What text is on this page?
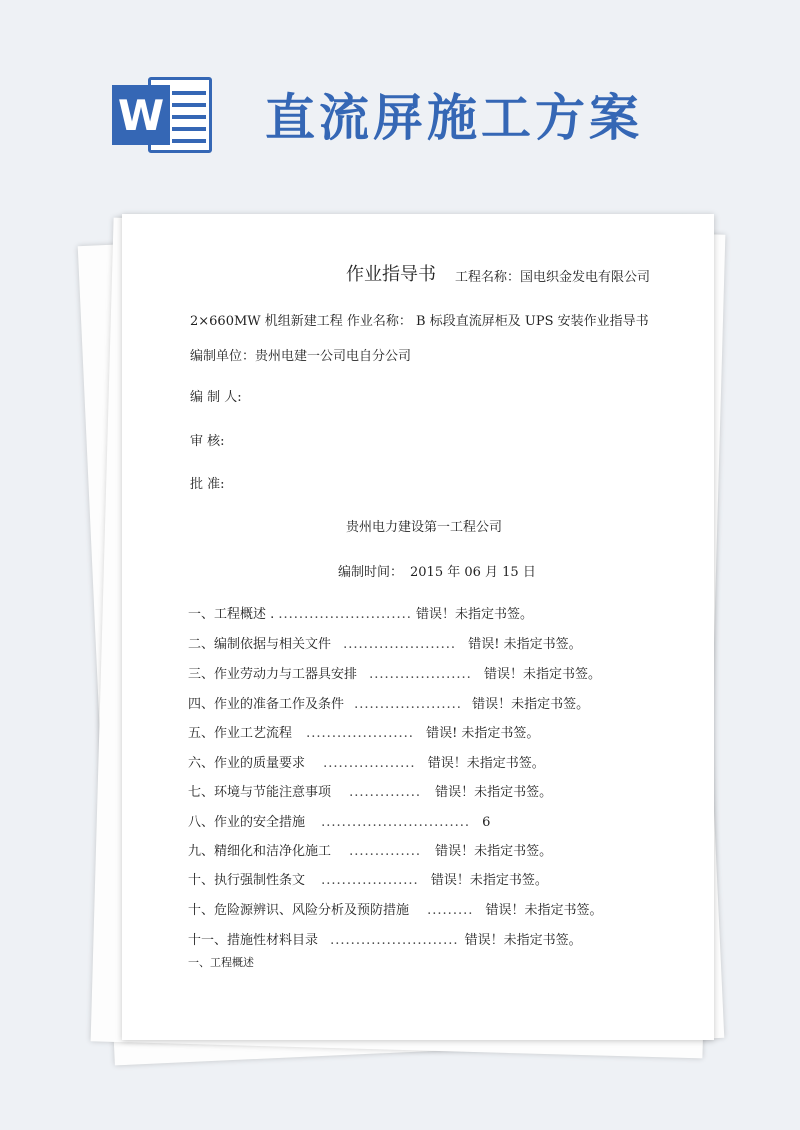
W 直流屏施工方案
作业指导书 工程名称：国电织金发电有限公司
2×660MW 机组新建工程 作业名称： B 标段直流屏柜及 UPS 安装作业指导书
编制单位：贵州电建一公司电自分公司
编 制 人:
审 核:
批 准:
贵州电力建设第一工程公司
编制时间： 2015 年 06 月 15 日
一、工程概述 . .......................... 错误！未指定书签。
二、编制依据与相关文件 ...................... 错误! 未指定书签。
三、作业劳动力与工器具安排 .................... 错误！未指定书签。
四、作业的准备工作及条件 ..................... 错误！未指定书签。
五、作业工艺流程 ..................... 错误! 未指定书签。
六、作业的质量要求 .................. 错误！未指定书签。
七、环境与节能注意事项 .............. 错误！未指定书签。
八、作业的安全措施 ............................. 6
九、精细化和洁净化施工 .............. 错误！未指定书签。
十、执行强制性条文 ................... 错误！未指定书签。
十、危险源辨识、风险分析及预防措施 ......... 错误！未指定书签。
十一、措施性材料目录 ......................... 错误！未指定书签。
一、工程概述
